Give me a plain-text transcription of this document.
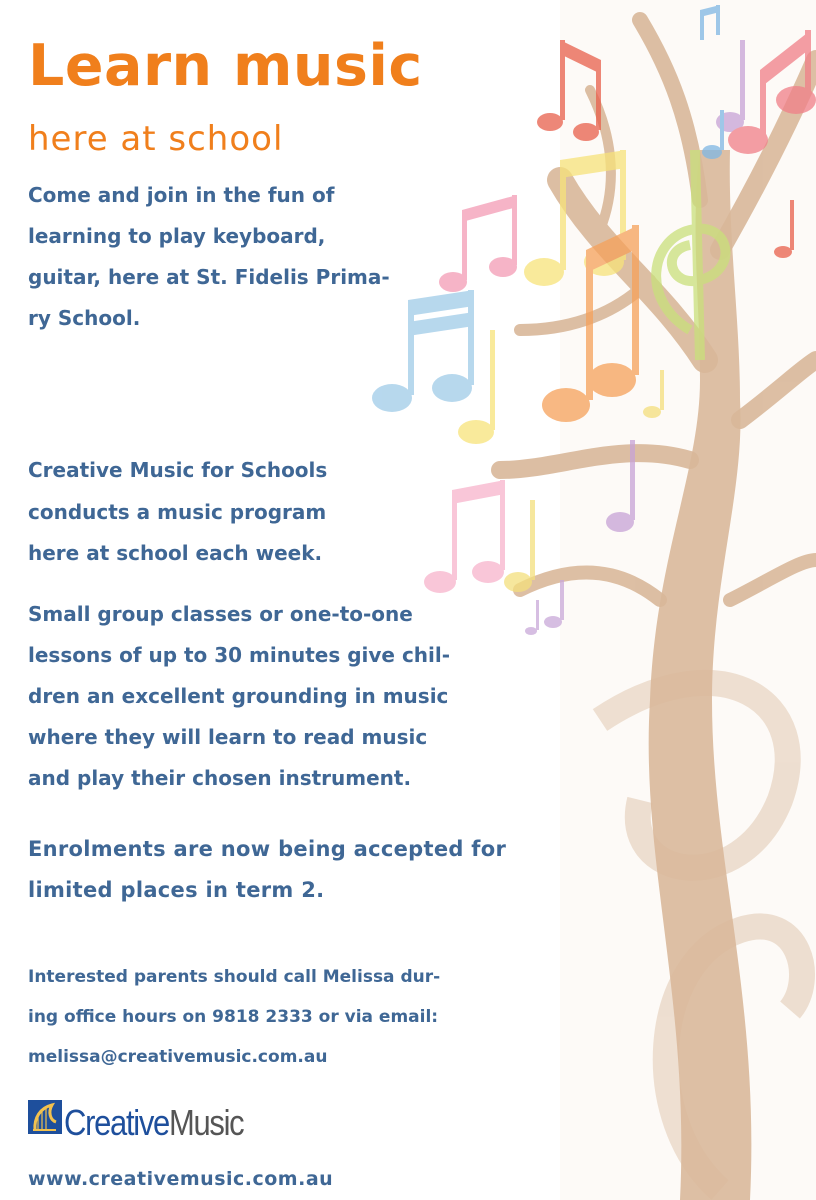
Learn music
here at school

Come and join in the fun of
learning to play keyboard,
guitar, here at St. Fidelis Prima-
ry School.

Creative Music for Schools
conducts a music program
here at school each week.

Small group classes or one-to-one
lessons of up to 30 minutes give chil-
dren an excellent grounding in music
where they will learn to read music
and play their chosen instrument.

Enrolments are now being accepted for
limited places in term 2.

Interested parents should call Melissa dur-
ing office hours on 9818 2333 or via email:
melissa@creativemusic.com.au

CreativeMusic

www.creativemusic.com.au
